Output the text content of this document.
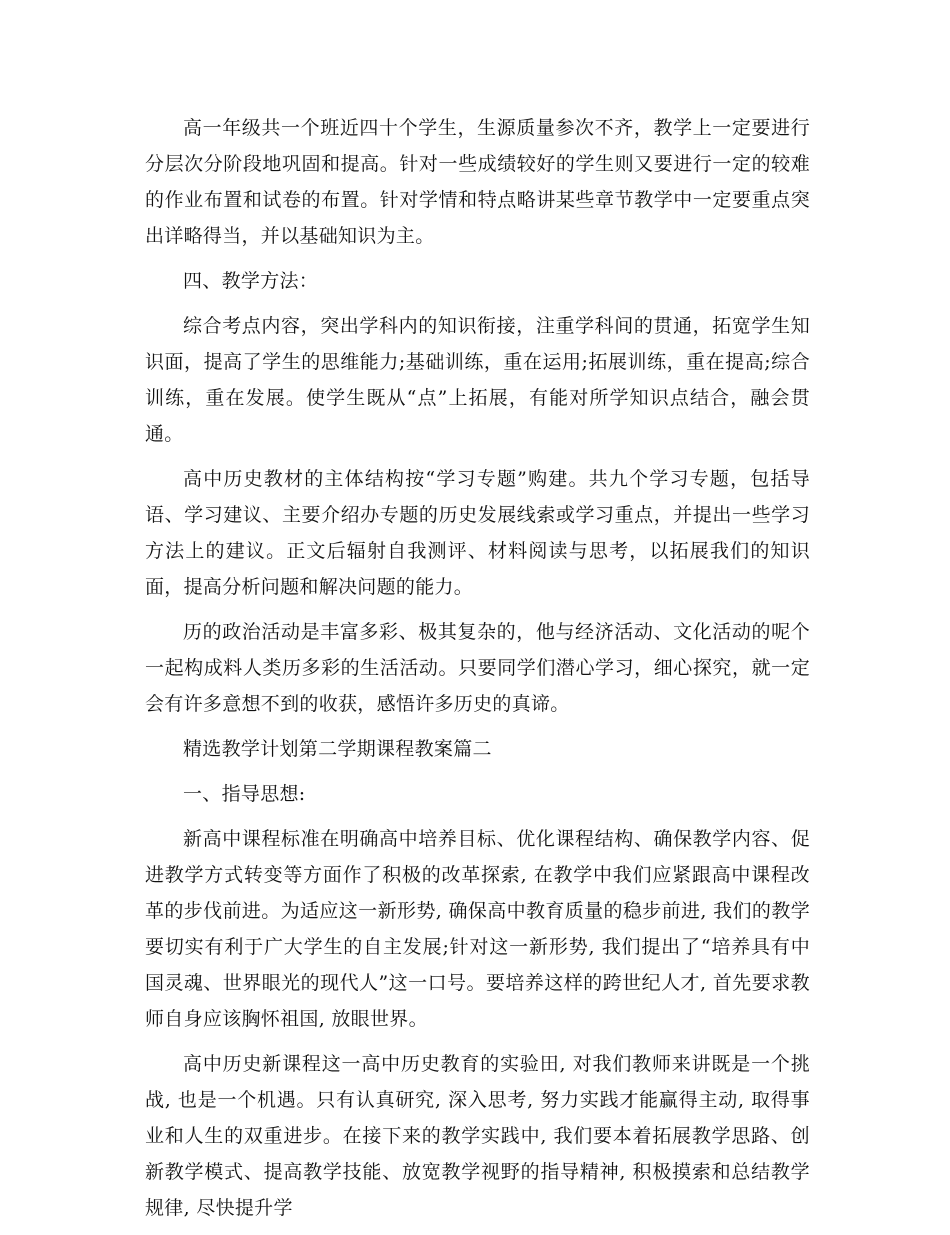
高一年级共一个班近四十个学生，生源质量参次不齐，教学上一定要进行分层次分阶段地巩固和提高。针对一些成绩较好的学生则又要进行一定的较难的作业布置和试卷的布置。针对学情和特点略讲某些章节教学中一定要重点突出详略得当，并以基础知识为主。

四、教学方法：

综合考点内容，突出学科内的知识衔接，注重学科间的贯通，拓宽学生知识面，提高了学生的思维能力;基础训练，重在运用;拓展训练，重在提高;综合训练，重在发展。使学生既从“点”上拓展，有能对所学知识点结合，融会贯通。

高中历史教材的主体结构按“学习专题”购建。共九个学习专题，包括导语、学习建议、主要介绍办专题的历史发展线索或学习重点，并提出一些学习方法上的建议。正文后辐射自我测评、材料阅读与思考，以拓展我们的知识面，提高分析问题和解决问题的能力。

历的政治活动是丰富多彩、极其复杂的，他与经济活动、文化活动的呢个一起构成料人类历多彩的生活活动。只要同学们潜心学习，细心探究，就一定会有许多意想不到的收获，感悟许多历史的真谛。

精选教学计划第二学期课程教案篇二

一、指导思想:

新高中课程标准在明确高中培养目标、优化课程结构、确保教学内容、促进教学方式转变等方面作了积极的改革探索, 在教学中我们应紧跟高中课程改革的步伐前进。为适应这一新形势, 确保高中教育质量的稳步前进, 我们的教学要切实有利于广大学生的自主发展;针对这一新形势, 我们提出了“培养具有中国灵魂、世界眼光的现代人”这一口号。要培养这样的跨世纪人才, 首先要求教师自身应该胸怀祖国, 放眼世界。

高中历史新课程这一高中历史教育的实验田, 对我们教师来讲既是一个挑战, 也是一个机遇。只有认真研究, 深入思考, 努力实践才能赢得主动, 取得事业和人生的双重进步。在接下来的教学实践中, 我们要本着拓展教学思路、创新教学模式、提高教学技能、放宽教学视野的指导精神, 积极摸索和总结教学规律, 尽快提升学
